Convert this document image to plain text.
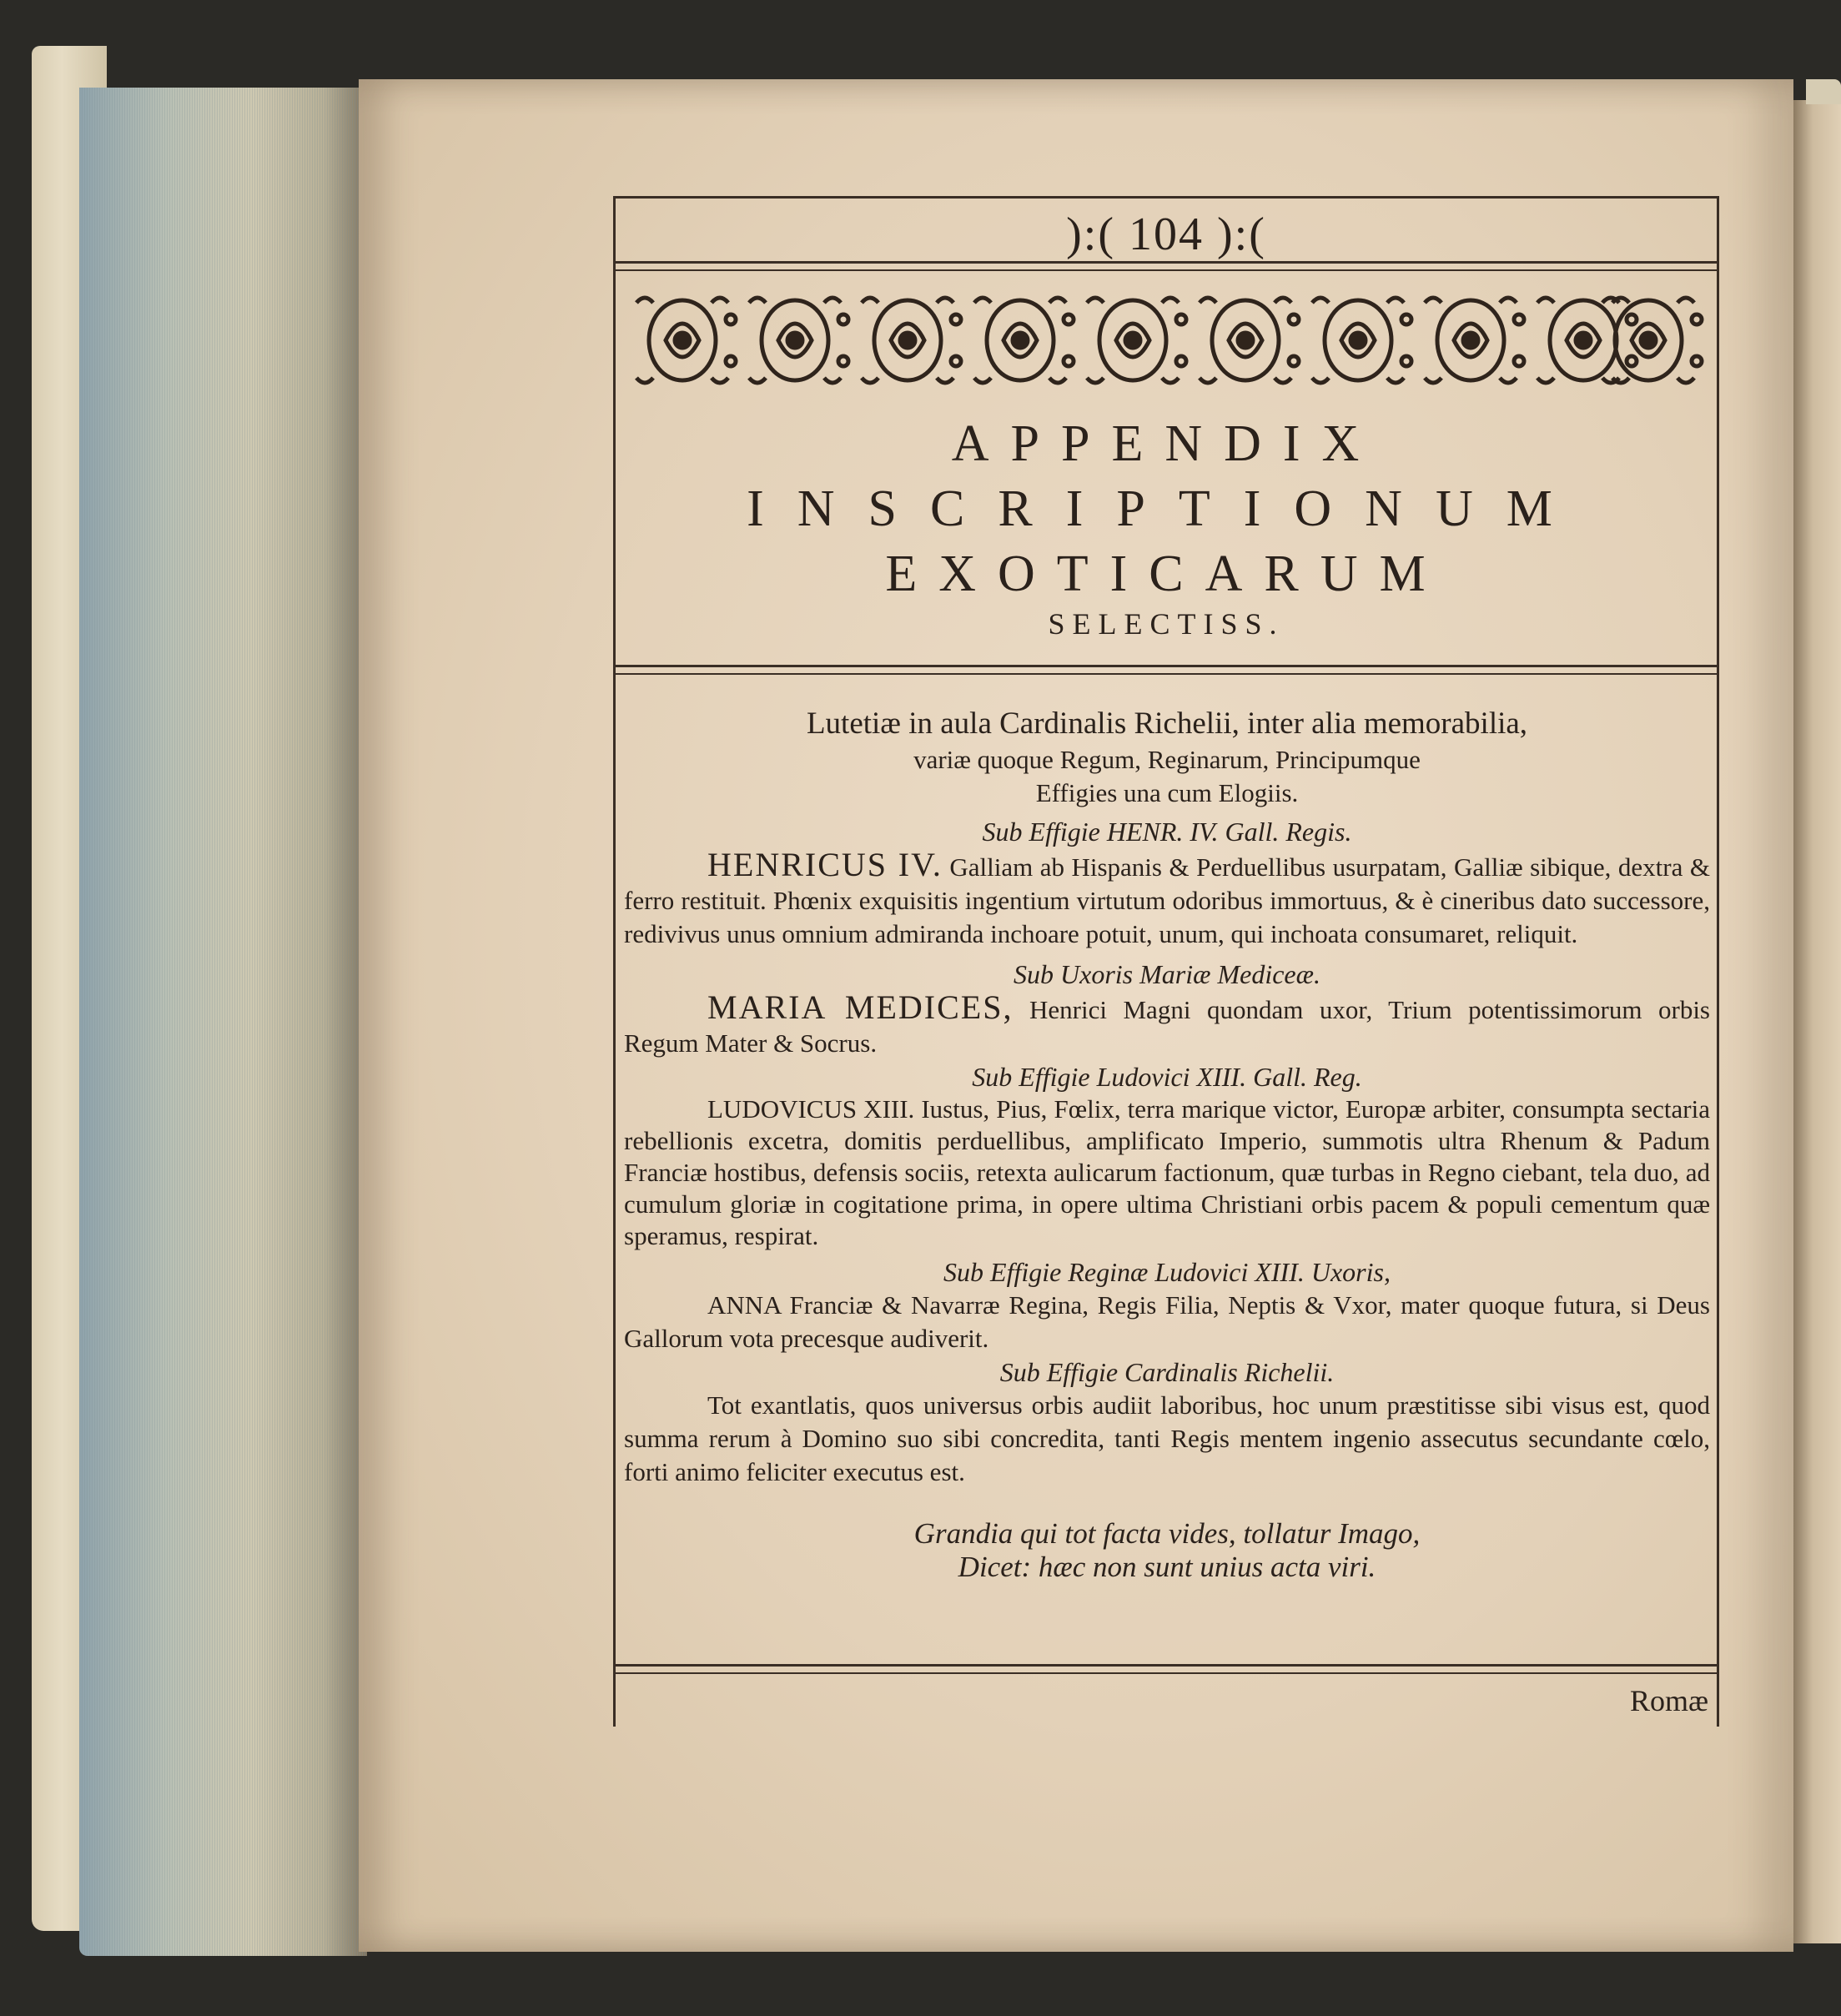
):( 104 ):(
APPENDIX
INSCRIPTIONUM
EXOTICARUM
SELECTISS.
Lutetiæ in aula Cardinalis Richelii, inter alia memorabilia,
variæ quoque Regum, Reginarum, Principumque
Effigies una cum Elogiis.
Sub Effigie HENR. IV. Gall. Regis.
HENRICUS IV. Galliam ab Hispanis & Perduellibus usurpatam, Galliæ sibique, dextra & ferro restituit. Phœnix exquisitis ingentium virtutum odoribus immortuus, & è cineribus dato successore, redivivus unus omnium admiranda inchoare potuit, unum, qui inchoata consumaret, reliquit.
Sub Uxoris Mariæ Mediceæ.
MARIA MEDICES, Henrici Magni quondam uxor, Trium potentissimorum orbis Regum Mater & Socrus.
Sub Effigie Ludovici XIII. Gall. Reg.
LUDOVICUS XIII. Iustus, Pius, Fœlix, terra marique victor, Europæ arbiter, consumpta sectaria rebellionis excetra, domitis perduellibus, amplificato Imperio, summotis ultra Rhenum & Padum Franciæ hostibus, defensis sociis, retexta aulicarum factionum, quæ turbas in Regno ciebant, tela duo, ad cumulum gloriæ in cogitatione prima, in opere ultima Christiani orbis pacem & populi cementum quæ speramus, respirat.
Sub Effigie Reginæ Ludovici XIII. Uxoris,
ANNA Franciæ & Navarræ Regina, Regis Filia, Neptis & Vxor, mater quoque futura, si Deus Gallorum vota precesque audiverit.
Sub Effigie Cardinalis Richelii.
Tot exantlatis, quos universus orbis audiit laboribus, hoc unum præstitisse sibi visus est, quod summa rerum à Domino suo sibi concredita, tanti Regis mentem ingenio assecutus secundante cœlo, forti animo feliciter executus est.
Grandia qui tot facta vides, tollatur Imago,
Dicet: hæc non sunt unius acta viri.
Romæ
